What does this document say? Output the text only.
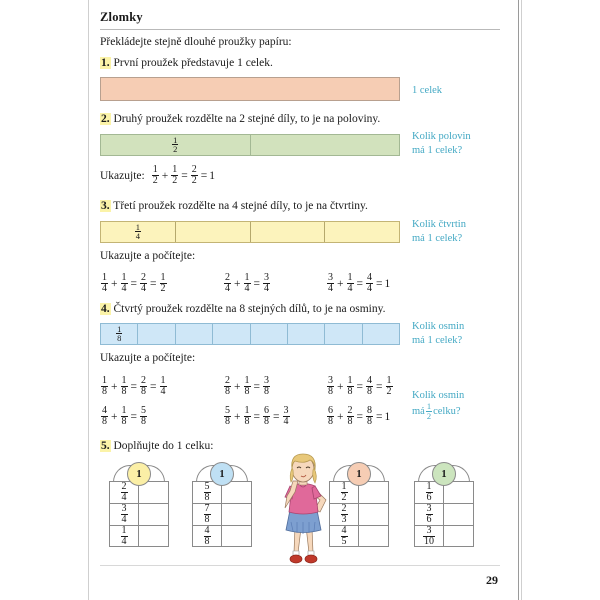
Zlomky
Překládejte stejně dlouhé proužky papíru:
1. První proužek představuje 1 celek.
1 celek
2. Druhý proužek rozdělte na 2 stejné díly, to je na poloviny.
$\frac{1}{2}$	Kolik polovin
má 1 celek?
Ukazujte: $\frac{1}{2} + \frac{1}{2} = \frac{2}{2} = 1$
3. Třetí proužek rozdělte na 4 stejné díly, to je na čtvrtiny.
$\frac{1}{4}$	Kolik čtvrtin
má 1 celek?
Ukazujte a počítejte:
$\frac{1}{4} + \frac{1}{4} = \frac{2}{4} = \frac{1}{2}$	$\frac{2}{4} + \frac{1}{4} = \frac{3}{4}$	$\frac{3}{4} + \frac{1}{4} = \frac{4}{4} = 1$
4. Čtvrtý proužek rozdělte na 8 stejných dílů, to je na osminy.
$\frac{1}{8}$	Kolik osmin
má 1 celek?
Ukazujte a počítejte:
$\frac{1}{8} + \frac{1}{8} = \frac{2}{8} = \frac{1}{4}$	$\frac{2}{8} + \frac{1}{8} = \frac{3}{8}$	$\frac{3}{8} + \frac{1}{8} = \frac{4}{8} = \frac{1}{2}$ Kolik osmin
má $\frac{1}{2}$ celku?
$\frac{4}{8} + \frac{1}{8} = \frac{5}{8}$	$\frac{5}{8} + \frac{1}{8} = \frac{6}{8} = \frac{3}{4}$	$\frac{6}{8} + \frac{2}{8} = \frac{8}{8} = 1$
5. Doplňujte do 1 celku:
1
$\frac{2}{4}$
$\frac{3}{4}$
$\frac{1}{4}$
1
$\frac{5}{8}$
$\frac{7}{8}$
$\frac{4}{8}$
1
$\frac{1}{2}$
$\frac{2}{3}$
$\frac{4}{5}$
1
$\frac{1}{6}$
$\frac{3}{6}$
$\frac{3}{10}$
29
